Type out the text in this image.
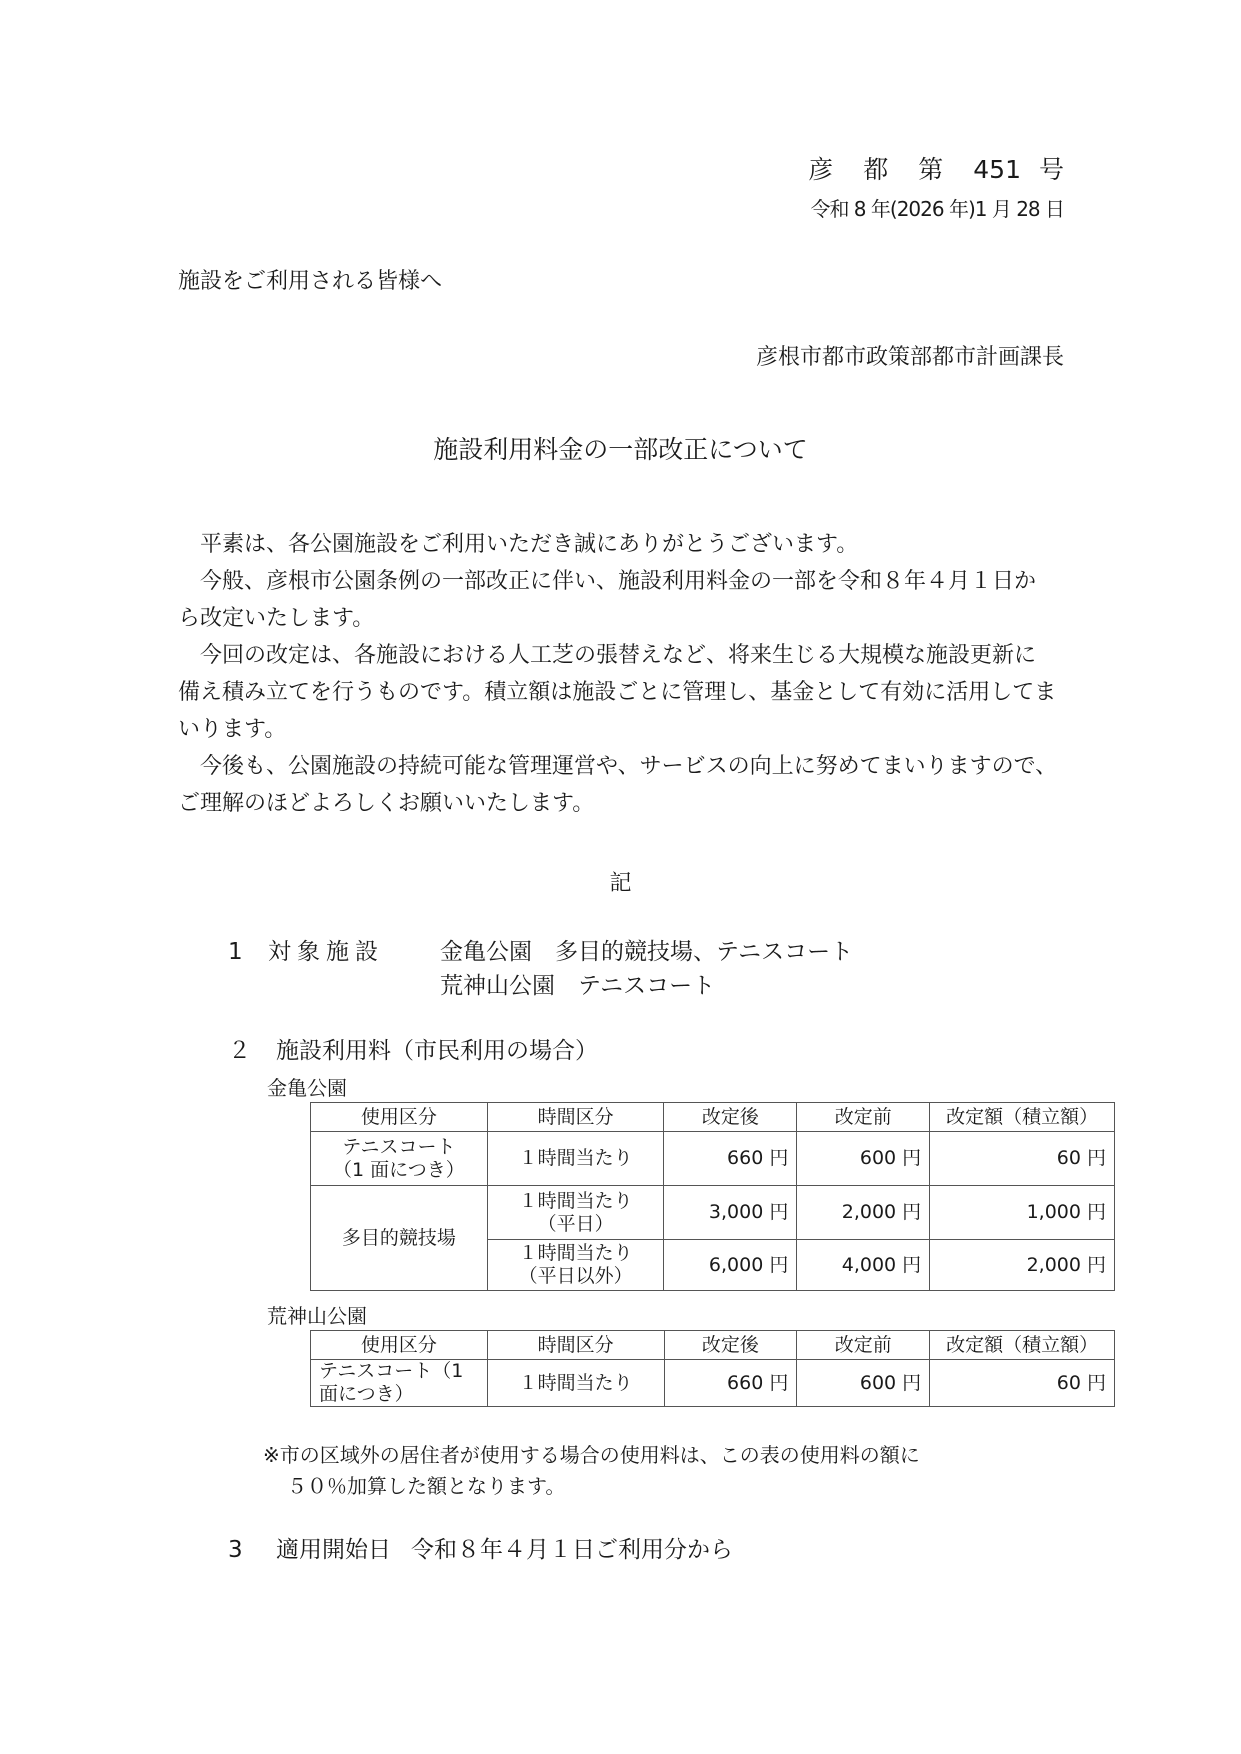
彦 都 第 451 号
令和 8 年(2026 年)1 月 28 日
施設をご利用される皆様へ
彦根市都市政策部都市計画課長
施設利用料金の一部改正について

　平素は、各公園施設をご利用いただき誠にありがとうございます。

　今般、彦根市公園条例の一部改正に伴い、施設利用料金の一部を令和８年４月１日から改定いたします。

　今回の改定は、各施設における人工芝の張替えなど、将来生じる大規模な施設更新に備え積み立てを行うものです。積立額は施設ごとに管理し、基金として有効に活用してまいります。

　今後も、公園施設の持続可能な管理運営や、サービスの向上に努めてまいりますので、ご理解のほどよろしくお願いいたします。

記
1 対象施設 金亀公園　多目的競技場、テニスコート
荒神山公園　テニスコート
２ 施設利用料（市民利用の場合）
金亀公園
使用区分	時間区分	改定後	改定前	改定額（積立額）

テニスコート
（1 面につき）	１時間当たり	660 円	600 円	60 円
多目的競技場	１時間当たり
（平日）	3,000 円	2,000 円	1,000 円

	１時間当たり
（平日以外）	6,000 円	4,000 円	2,000 円
荒神山公園
使用区分	時間区分	改定後	改定前	改定額（積立額）

テニスコート（1
面につき）	１時間当たり	660 円	600 円	60 円
※市の区域外の居住者が使用する場合の使用料は、この表の使用料の額に
５０％加算した額となります。
3 適用開始日 令和８年４月１日ご利用分から
